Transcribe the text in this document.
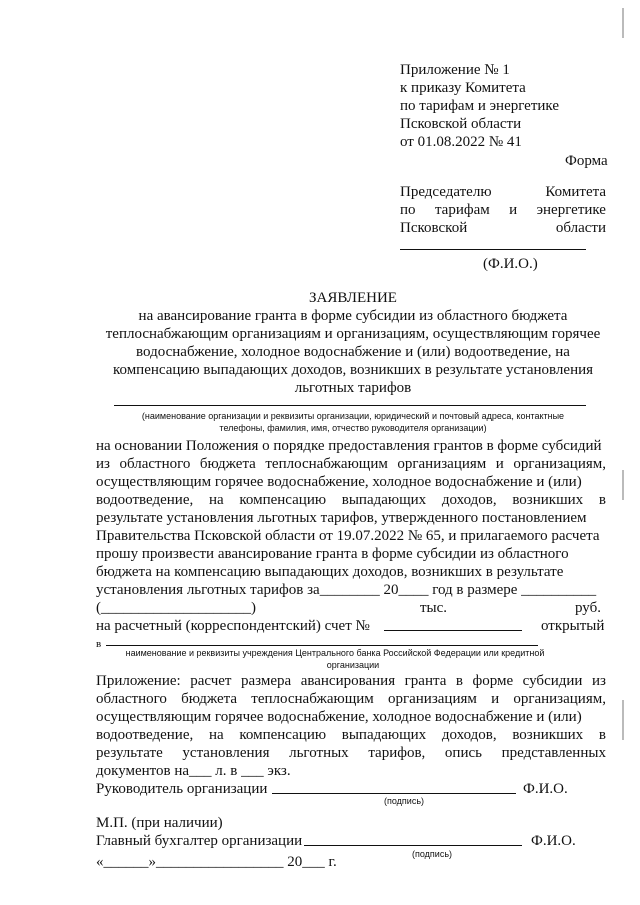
Приложение № 1
к приказу Комитета
по тарифам и энергетике
Псковской области
от 01.08.2022 № 41
Форма
Председателю	Комитета
по тарифам и энергетике
Псковской	области
(Ф.И.О.)
ЗАЯВЛЕНИЕ
на авансирование гранта в форме субсидии из областного бюджета
теплоснабжающим организациям и организациям, осуществляющим горячее
водоснабжение, холодное водоснабжение и (или) водоотведение, на
компенсацию выпадающих доходов, возникших в результате установления
льготных тарифов
(наименование организации и реквизиты организации, юридический и почтовый адреса, контактные
телефоны, фамилия, имя, отчество руководителя организации)
на основании Положения о порядке предоставления грантов в форме субсидий
из областного бюджета теплоснабжающим организациям и организациям,
осуществляющим горячее водоснабжение, холодное водоснабжение и (или)
водоотведение, на компенсацию выпадающих доходов, возникших в
результате установления льготных тарифов, утвержденного постановлением
Правительства Псковской области от 19.07.2022 № 65, и прилагаемого расчета
прошу произвести авансирование гранта в форме субсидии из областного
бюджета на компенсацию выпадающих доходов, возникших в результате
установления льготных тарифов за________ 20____ год в размере __________
(____________________)	тыс.	руб.
на расчетный (корреспондентский) счет №	открытый
в
наименование и реквизиты учреждения Центрального банка Российской Федерации или кредитной
организации
Приложение: расчет размера авансирования гранта в форме субсидии из
областного бюджета теплоснабжающим организациям и организациям,
осуществляющим горячее водоснабжение, холодное водоснабжение и (или)
водоотведение, на компенсацию выпадающих доходов, возникших в
результате установления льготных тарифов, опись представленных
документов на___ л. в ___ экз.
Руководитель организации	Ф.И.О.
(подпись)
М.П. (при наличии)
Главный бухгалтер организации	Ф.И.О.
(подпись)
«______»_________________ 20___ г.
